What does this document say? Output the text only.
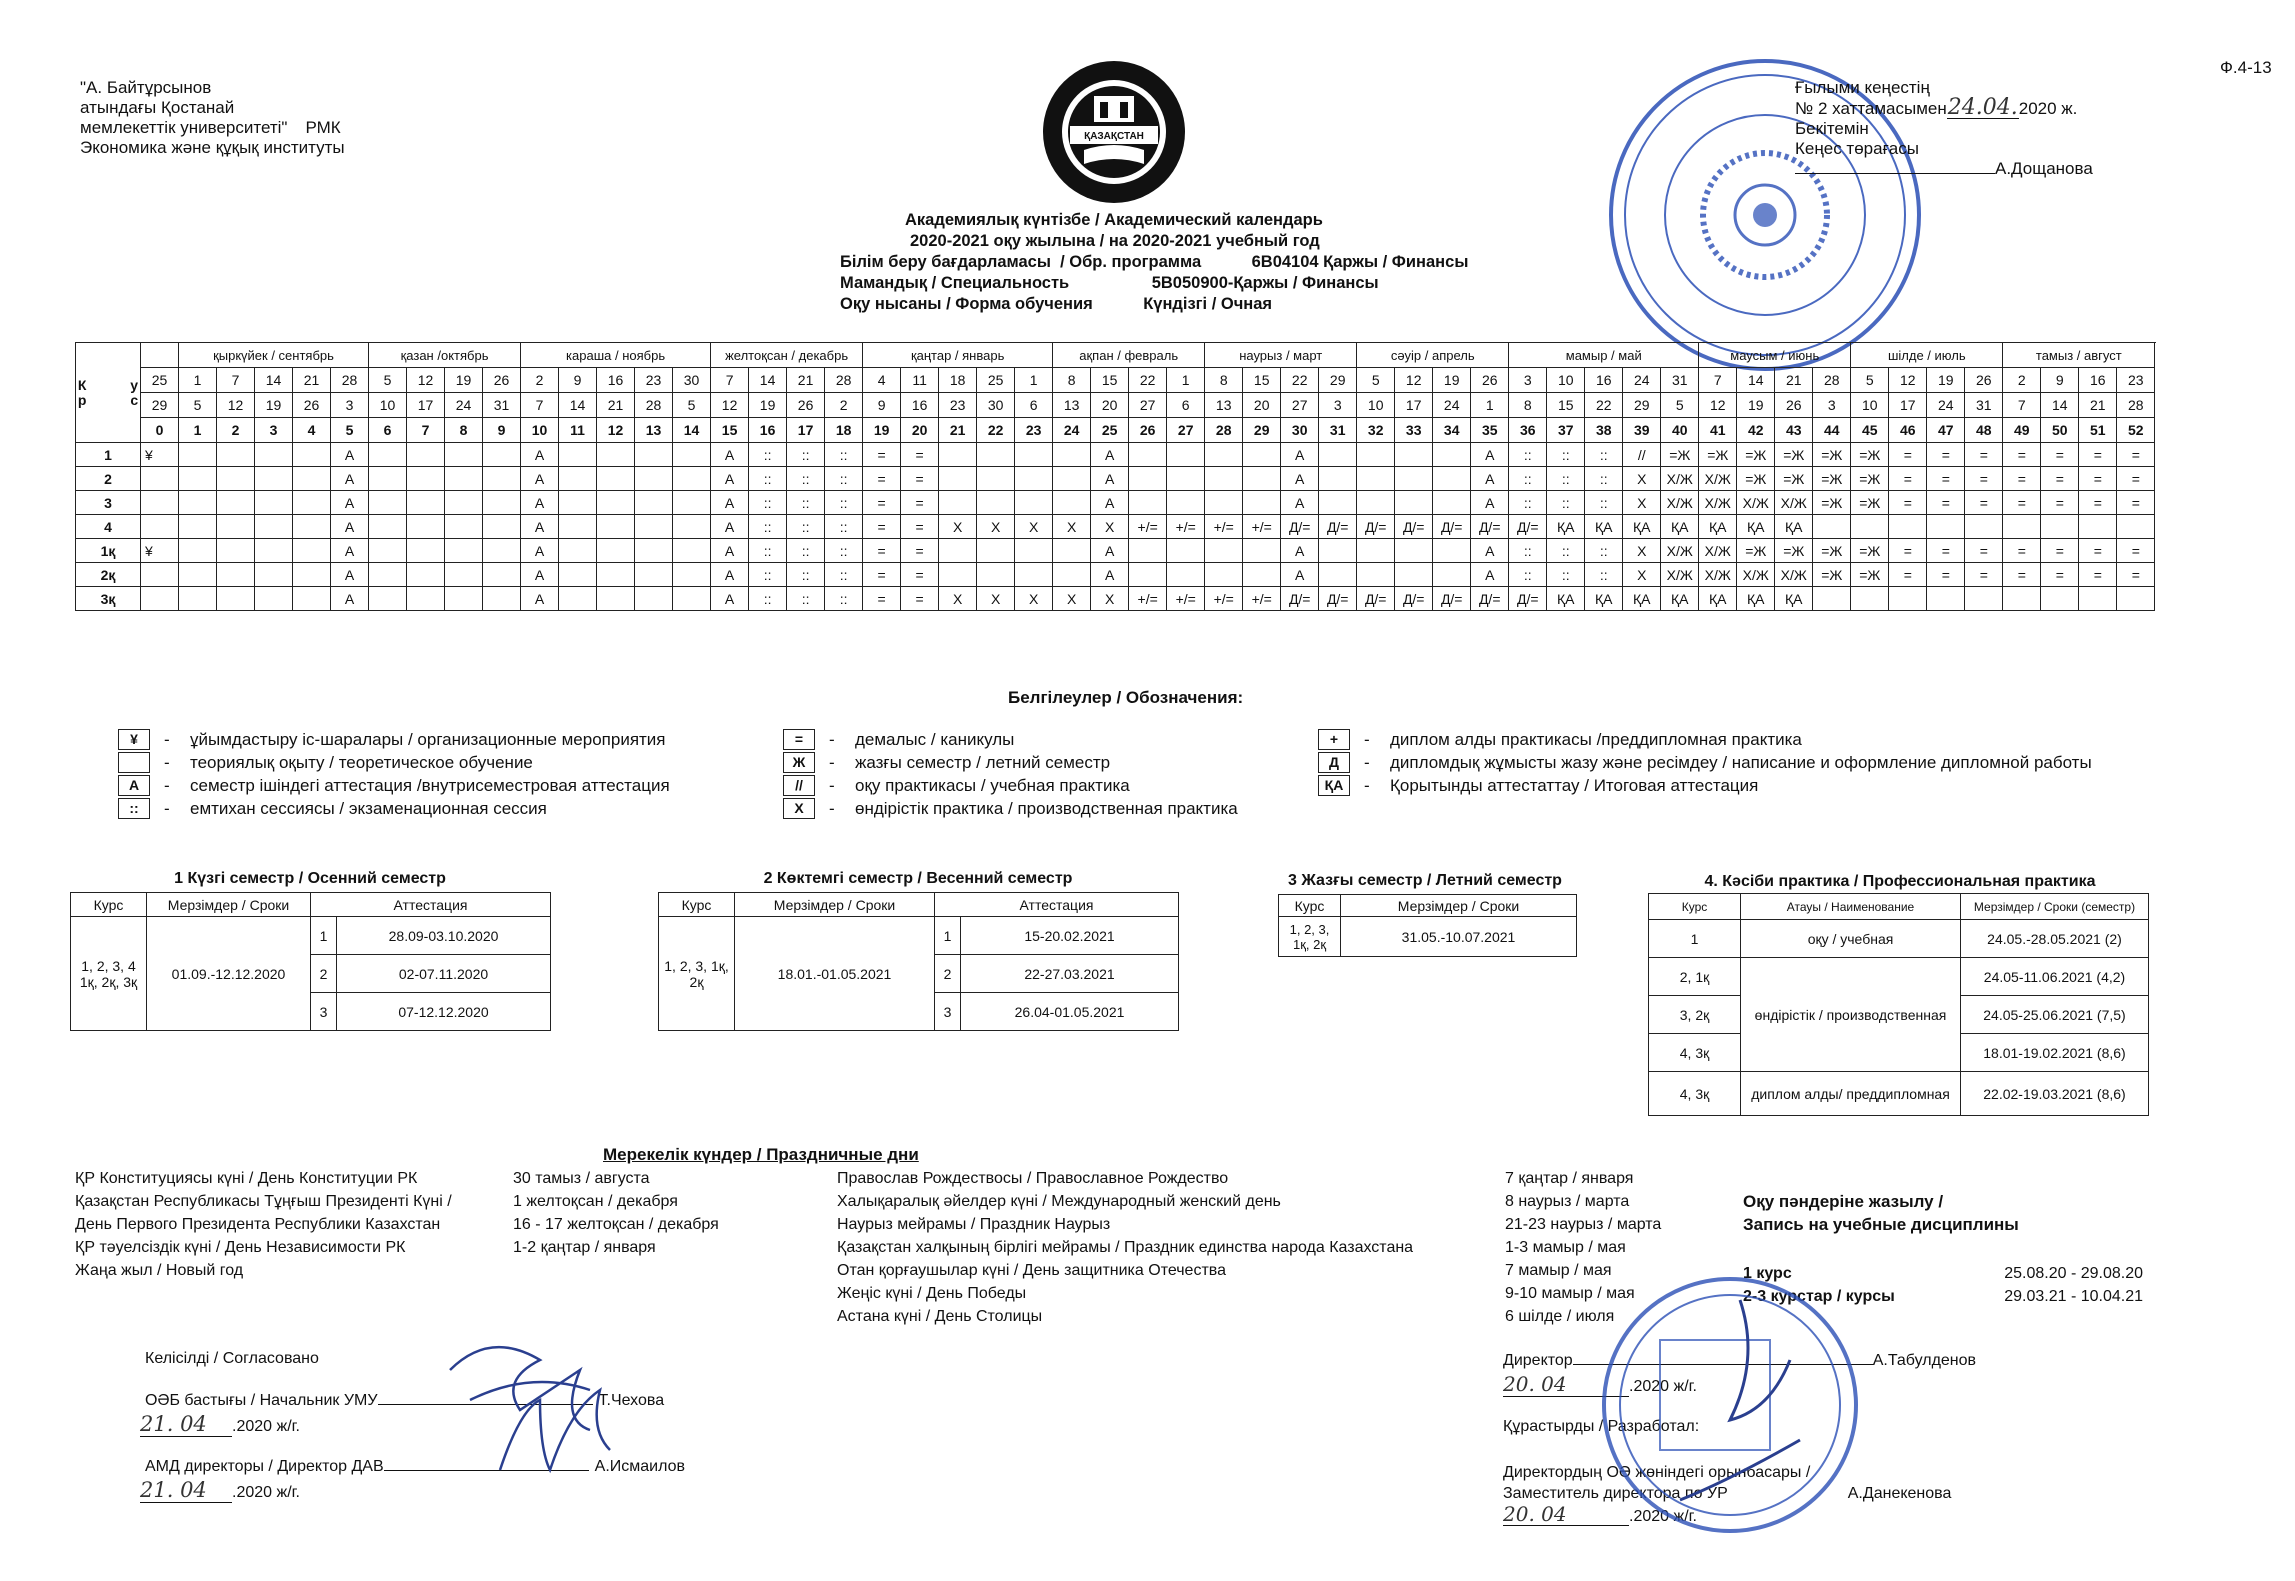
Ф.4-13
"А. Байтұрсынов
атындағы Қостанай
мемлекеттік университеті" РМК
Экономика және құқық институты
ҚАЗАҚСТАН
Ғылыми кеңестің
№ 2 хаттамасымен24.04.2020 ж.
Бекітемін
Кеңес төрағасы
А.Дощанова
Академиялық күнтізбе / Академический календарь
2020-2021 оқу жылына / на 2020-2021 учебный год
Білім беру бағдарламасы  / Обр. программа           6В04104 Қаржы / Финансы
Мамандық / Специальность                  5В050900-Қаржы / Финансы
Оқу нысаны / Форма обучения           Күндізгі / Очная
К у р с		қыркүйек / сентябрь					қазан /октябрь				караша / ноябрь					желтоқсан / декабрь				қаңтар / январь					ақпан / февраль				наурыз / март				сәуір / апрель				мамыр / май					маусым / июнь				шілде / июль				тамыз / август			
	25	1	7	14	21	28	5	12	19	26	2	9	16	23	30	7	14	21	28	4	11	18	25	1	8	15	22	1	8	15	22	29	5	12	19	26	3	10	16	24	31	7	14	21	28	5	12	19	26	2	9	16	23
	29	5	12	19	26	3	10	17	24	31	7	14	21	28	5	12	19	26	2	9	16	23	30	6	13	20	27	6	13	20	27	3	10	17	24	1	8	15	22	29	5	12	19	26	3	10	17	24	31	7	14	21	28
	0	1	2	3	4	5	6	7	8	9	10	11	12	13	14	15	16	17	18	19	20	21	22	23	24	25	26	27	28	29	30	31	32	33	34	35	36	37	38	39	40	41	42	43	44	45	46	47	48	49	50	51	52
1	¥					А					А					А	::	::	::	=	=					А					А					А	::	::	::	//	=Ж	=Ж	=Ж	=Ж	=Ж	=Ж	=	=	=	=	=	=	=
2						А					А					А	::	::	::	=	=					А					А					А	::	::	::	Х	Х/Ж	Х/Ж	=Ж	=Ж	=Ж	=Ж	=	=	=	=	=	=	=
3						А					А					А	::	::	::	=	=					А					А					А	::	::	::	Х	Х/Ж	Х/Ж	Х/Ж	Х/Ж	=Ж	=Ж	=	=	=	=	=	=	=
4						А					А					А	::	::	::	=	=	Х	Х	Х	Х	Х	+/=	+/=	+/=	+/=	Д/=	Д/=	Д/=	Д/=	Д/=	Д/=	Д/=	ҚА	ҚА	ҚА	ҚА	ҚА	ҚА	ҚА									
1қ	¥					А					А					А	::	::	::	=	=					А					А					А	::	::	::	Х	Х/Ж	Х/Ж	=Ж	=Ж	=Ж	=Ж	=	=	=	=	=	=	=
2қ						А					А					А	::	::	::	=	=					А					А					А	::	::	::	Х	Х/Ж	Х/Ж	Х/Ж	Х/Ж	=Ж	=Ж	=	=	=	=	=	=	=
3қ						А					А					А	::	::	::	=	=	Х	Х	Х	Х	Х	+/=	+/=	+/=	+/=	Д/=	Д/=	Д/=	Д/=	Д/=	Д/=	Д/=	ҚА	ҚА	ҚА	ҚА	ҚА	ҚА	ҚА									
Белгілеулер / Обозначения:
¥	-	ұйымдастыру іс-шаралары / организационные мероприятия
-	теориялық оқыту / теоретическое обучение
А	-	семестр ішіндегі аттестация /внутрисеместровая аттестация
::	-	емтихан сессиясы / экзаменационная сессия
=	-	демалыс / каникулы
Ж	-	жазғы семестр / летний семестр
//	-	оқу практикасы / учебная практика
Х	-	өндірістік практика / производственная практика
+	-	диплом алды практикасы /преддипломная практика
Д	-	дипломдық жұмысты жазу және ресімдеу / написание и оформление дипломной работы
ҚА	-	Қорытынды аттестаттау / Итоговая аттестация
1 Күзгі семестр / Осенний семестр
Курс	Мерзімдер / Сроки	Аттестация	
1, 2, 3, 4 1қ, 2қ, 3қ	01.09.-12.12.2020	1	28.09-03.10.2020
		2	02-07.11.2020
		3	07-12.12.2020
2 Көктемгі семестр / Весенний семестр
Курс	Мерзімдер / Сроки	Аттестация	
1, 2, 3, 1қ, 2қ	18.01.-01.05.2021	1	15-20.02.2021
		2	22-27.03.2021
		3	26.04-01.05.2021
3 Жазғы семестр / Летний семестр
Курс	Мерзімдер / Сроки
1, 2, 3, 1қ, 2қ	31.05.-10.07.2021
4. Кәсіби практика / Профессиональная практика
Курс	Атауы / Наименование	Мерзімдер / Сроки (семестр)
1	оқу / учебная	24.05.-28.05.2021 (2)
2, 1қ	өндірістік / производственная	24.05-11.06.2021 (4,2)
3, 2қ		24.05-25.06.2021 (7,5)
4, 3қ		18.01-19.02.2021 (8,6)
4, 3қ	диплом алды/ преддипломная	22.02-19.03.2021 (8,6)
Мерекелік күндер / Праздничные дни
ҚР Конституциясы күні / День Конституции РК
Қазақстан Республикасы Тұңғыш Президенті Күні /
День Первого Президента Республики Казахстан
ҚР тәуелсіздік күні / День Независимости РК
Жаңа жыл / Новый год
30 тамыз / августа
1 желтоқсан / декабря
16 - 17 желтоқсан / декабря
1-2 қаңтар / января
Православ Рождествосы / Православное Рождество
Халықаралық әйелдер күні / Международный женский день
Наурыз мейрамы / Праздник Наурыз
Қазақстан халқының бірлігі мейрамы / Праздник единства народа Казахстана
Отан қорғаушылар күні / День защитника Отечества
Жеңіс күні / День Победы
Астана күні / День Столицы
7 қаңтар / января
8 наурыз / марта
21-23 наурыз / марта
1-3 мамыр / мая
7 мамыр / мая
9-10 мамыр / мая
6 шілде / июля
Оқу пәндеріне жазылу /
Запись на учебные дисциплины
1 курс	25.08.20 - 29.08.20
2-3 курстар / курсы	29.03.21 - 10.04.21
Келісілді / Согласовано
ОӘБ бастығы / Начальник УМУ	Т.Чехова
21. 04 .2020 ж/г.
АМД директоры / Директор ДАВ	А.Исмаилов
21. 04 .2020 ж/г.
Директор	А.Табулденов
20. 04	.2020 ж/г.
Құрастырды / Разработал:
Директордың ОӘ жөніндегі орынбасары /
Заместитель директора по УР	А.Данекенова
20. 04	.2020 ж/г.
